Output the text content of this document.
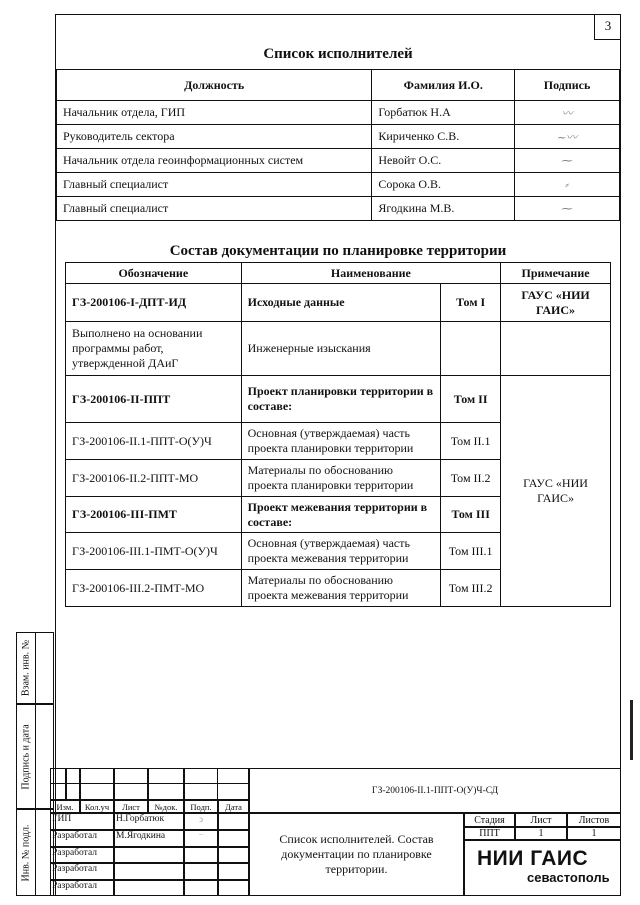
3
Список исполнителей
Должность	Фамилия И.О.	Подпись
Начальник отдела, ГИП	Горбатюк Н.А	〰
Руководитель сектора	Кириченко С.В.	~〰
Начальник отдела геоинформационных систем	Невойт О.С.	⁓
Главный специалист	Сорока О.В.	⸗
Главный специалист	Ягодкина М.В.	⁓
Состав документации по планировке территории
Обозначение	Наименование		Примечание
ГЗ-200106-I-ДПТ-ИД	Исходные данные	Том I	ГАУС «НИИ ГАИС»
Выполнено на основании программы работ, утвержденной ДАиГ	Инженерные изыскания		
ГЗ-200106-II-ППТ	Проект планировки территории в составе:	Том II	ГАУС «НИИ ГАИС»
ГЗ-200106-II.1-ППТ-О(У)Ч	Основная (утверждаемая) часть проекта планировки территории	Том II.1	
ГЗ-200106-II.2-ППТ-МО	Материалы по обоснованию проекта планировки территории	Том II.2	
ГЗ-200106-III-ПМТ	Проект межевания территории в составе:	Том III	
ГЗ-200106-III.1-ПМТ-О(У)Ч	Основная (утверждаемая) часть проекта межевания территории	Том III.1	
ГЗ-200106-III.2-ПМТ-МО	Материалы по обоснованию проекта межевания территории	Том III.2	
Взам. инв. №
Подпись и дата
Инв. № подл.
Изм.	Кол.уч	Лист	№док.	Подп.	Дата
ГИП	Н.Горбатюк	ↄ
Разработал	М.Ягодкина	⁻
Разработал
Разработал
Разработал
ГЗ-200106-II.1-ППТ-О(У)Ч-СД
Список исполнителей. Состав документации по планировке территории.
Стадия	Лист	Листов
ППТ	1	1
НИИ ГАИС
севастополь
